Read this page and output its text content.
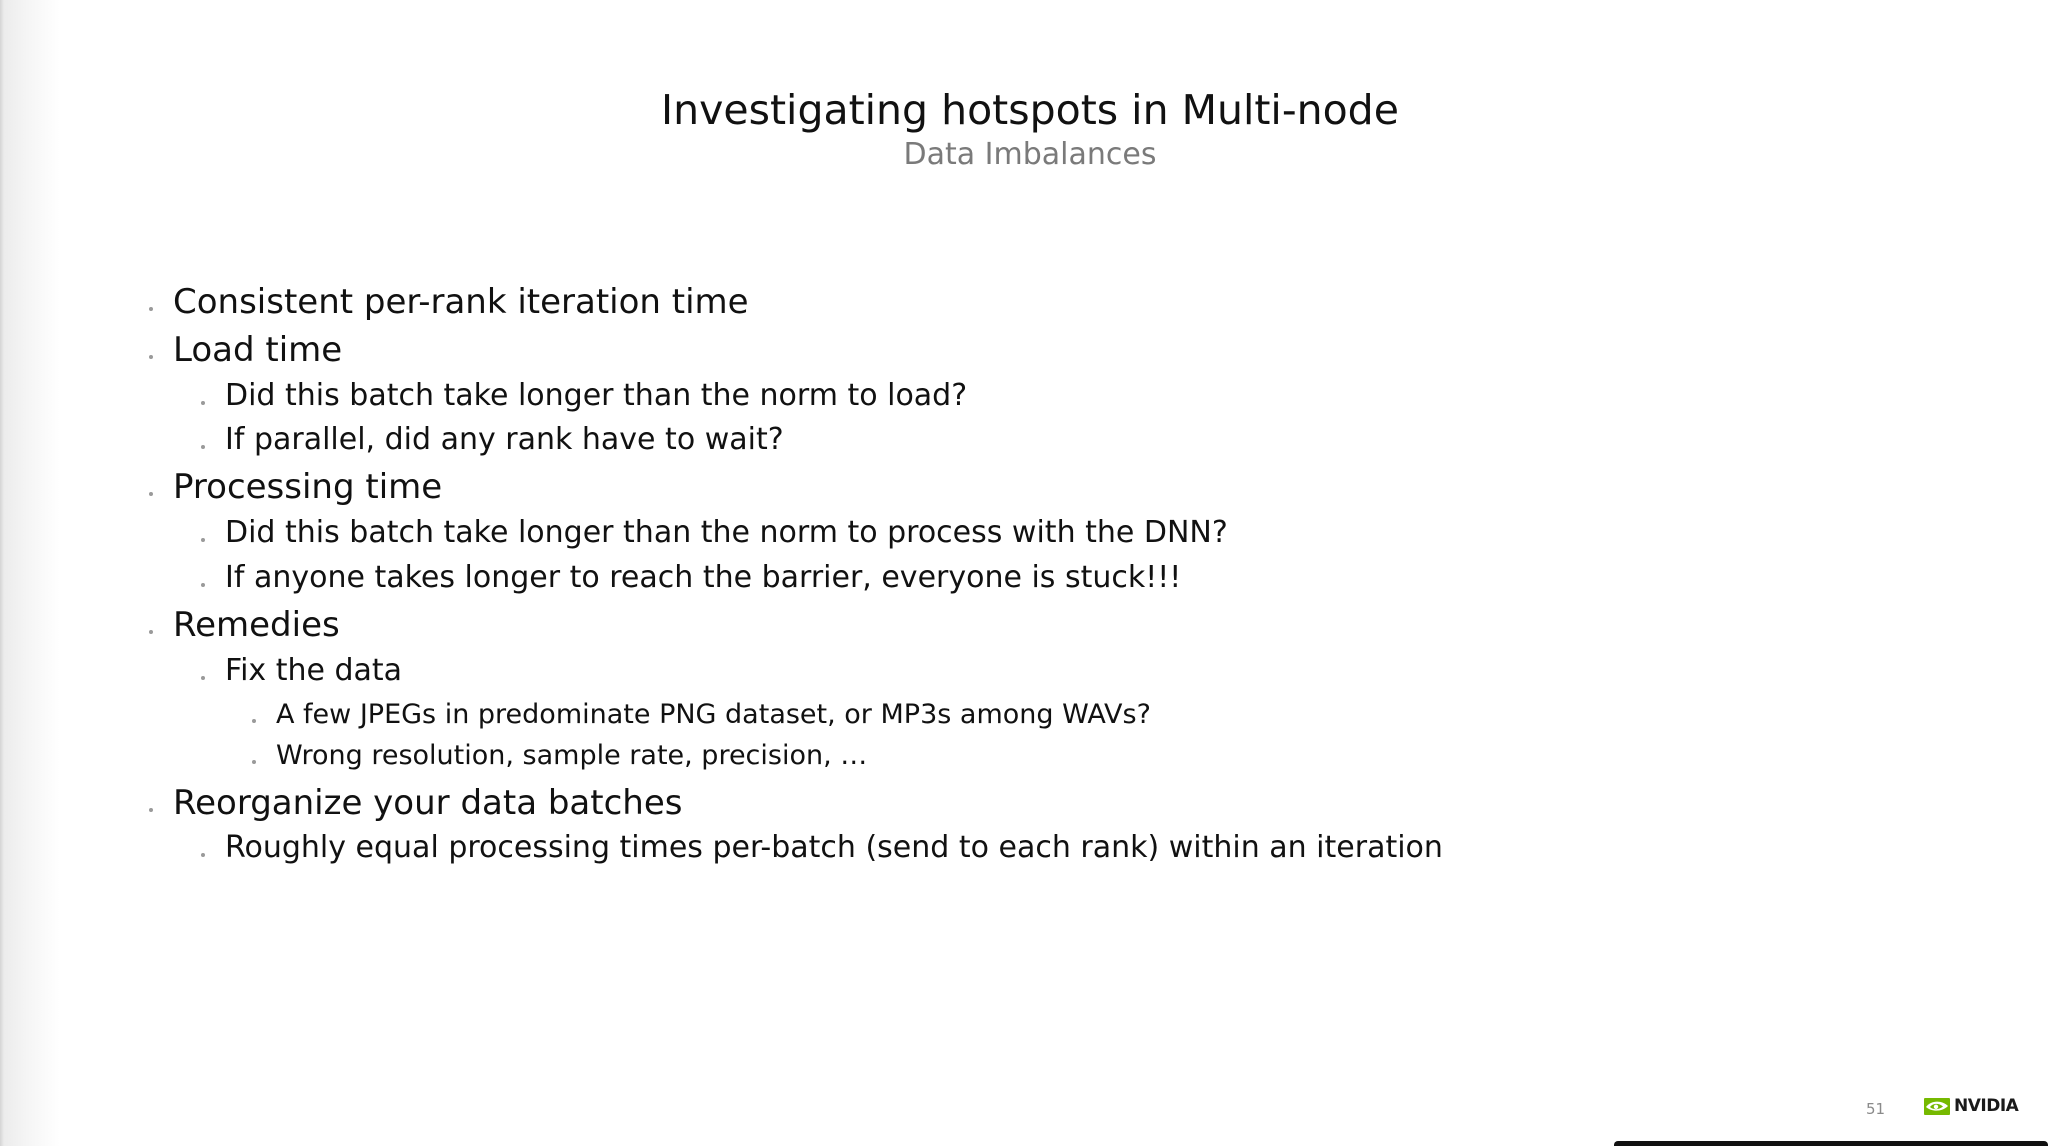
Investigating hotspots in Multi-node
Data Imbalances
Consistent per-rank iteration time
Load time
Did this batch take longer than the norm to load?
If parallel, did any rank have to wait?
Processing time
Did this batch take longer than the norm to process with the DNN?
If anyone takes longer to reach the barrier, everyone is stuck!!!
Remedies
Fix the data
A few JPEGs in predominate PNG dataset, or MP3s among WAVs?
Wrong resolution, sample rate, precision, …
Reorganize your data batches
Roughly equal processing times per-batch (send to each rank) within an iteration
51	NVIDIA
